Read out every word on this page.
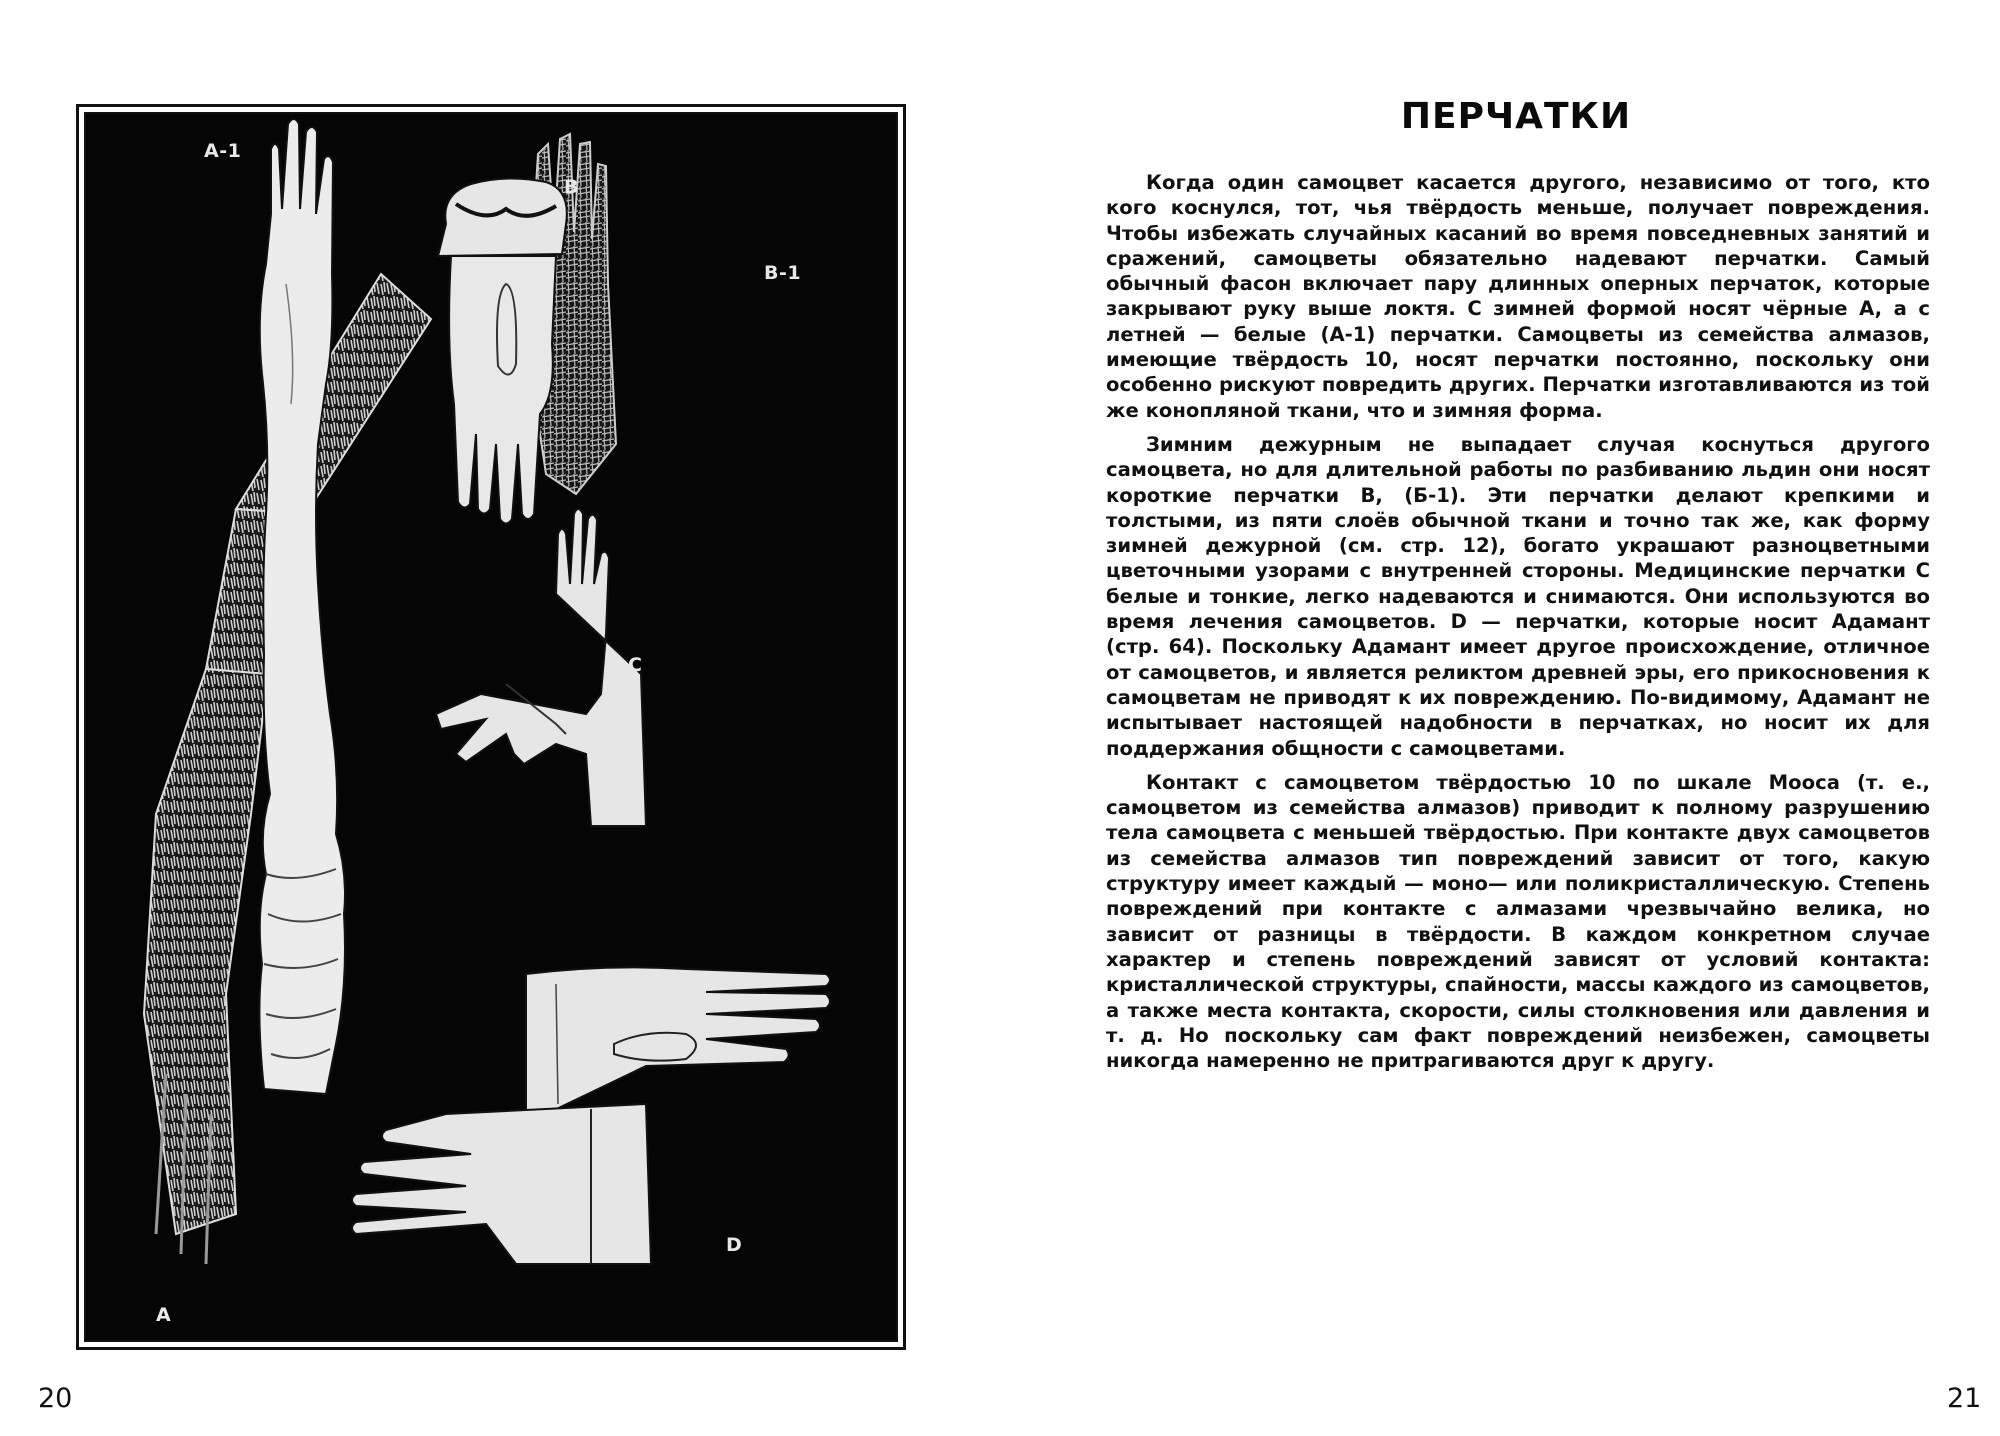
A-1
A
B
B-1
C
D
20
ПЕРЧАТКИ

Когда один самоцвет касается другого, независимо от того, кто кого коснулся, тот, чья твёрдость меньше, получает повреждения. Чтобы избежать случайных касаний во время повседневных занятий и сражений, самоцветы обязательно надевают перчатки. Самый обычный фасон включает пару длинных оперных перчаток, которые закрывают руку выше локтя. С зимней формой носят чёрные A, а с летней — белые (A-1) перчатки. Самоцветы из семейства алмазов, имеющие твёрдость 10, носят перчатки постоянно, поскольку они особенно рискуют повредить других. Перчатки изготавливаются из той же конопляной ткани, что и зимняя форма.

Зимним дежурным не выпадает случая коснуться другого самоцвета, но для длительной работы по разбиванию льдин они носят короткие перчатки B, (Б-1). Эти перчатки делают крепкими и толстыми, из пяти слоёв обычной ткани и точно так же, как форму зимней дежурной (см. стр. 12), богато украшают разноцветными цветочными узорами с внутренней стороны. Медицинские перчатки C белые и тонкие, легко надеваются и снимаются. Они используются во время лечения самоцветов. D — перчатки, которые носит Адамант (стр. 64). Поскольку Адамант имеет другое происхождение, отличное от самоцветов, и является реликтом древней эры, его прикосновения к самоцветам не приводят к их повреждению. По-видимому, Адамант не испытывает настоящей надобности в перчатках, но носит их для поддержания общности с самоцветами.

Контакт с самоцветом твёрдостью 10 по шкале Мооса (т. е., самоцветом из семейства алмазов) приводит к полному разрушению тела самоцвета с меньшей твёрдостью. При контакте двух самоцветов из семейства алмазов тип повреждений зависит от того, какую структуру имеет каждый — моно— или поликристаллическую. Степень повреждений при контакте с алмазами чрезвычайно велика, но зависит от разницы в твёрдости. В каждом конкретном случае характер и степень повреждений зависят от условий контакта: кристаллической структуры, спайности, массы каждого из самоцветов, а также места контакта, скорости, силы столкновения или давления и т. д. Но поскольку сам факт повреждений неизбежен, самоцветы никогда намеренно не притрагиваются друг к другу.

21
